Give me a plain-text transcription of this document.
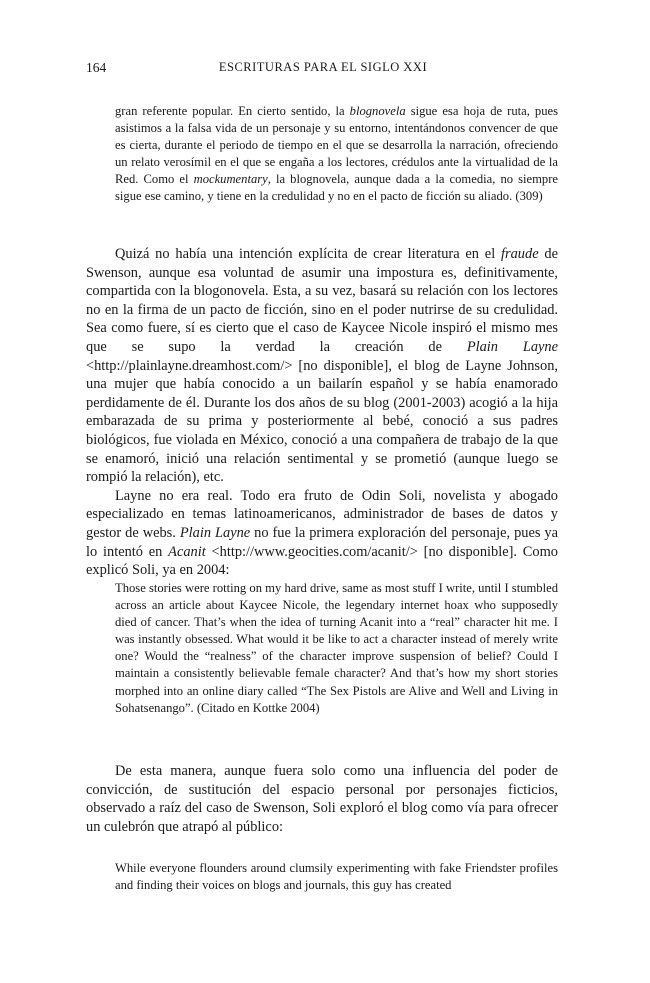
164	ESCRITURAS PARA EL SIGLO XXI

gran referente popular. En cierto sentido, la blognovela sigue esa hoja de ruta, pues asistimos a la falsa vida de un personaje y su entorno, intentándonos convencer de que es cierta, durante el periodo de tiempo en el que se desarrolla la narración, ofreciendo un relato verosímil en el que se engaña a los lectores, crédulos ante la virtualidad de la Red. Como el mockumentary, la blognovela, aunque dada a la comedia, no siempre sigue ese camino, y tiene en la credulidad y no en el pacto de ficción su aliado. (309)

Quizá no había una intención explícita de crear literatura en el fraude de Swenson, aunque esa voluntad de asumir una impostura es, definitivamente, compartida con la blogonovela. Esta, a su vez, basará su relación con los lectores no en la firma de un pacto de ficción, sino en el poder nutrirse de su credulidad. Sea como fuere, sí es cierto que el caso de Kaycee Nicole inspiró el mismo mes que se supo la verdad la creación de Plain Layne <http://plainlayne.dreamhost.com/> [no disponible], el blog de Layne Johnson, una mujer que había conocido a un bailarín español y se había enamorado perdidamente de él. Durante los dos años de su blog (2001-2003) acogió a la hija embarazada de su prima y posteriormente al bebé, conoció a sus padres biológicos, fue violada en México, conoció a una compañera de trabajo de la que se enamoró, inició una relación sentimental y se prometió (aunque luego se rompió la relación), etc.

Layne no era real. Todo era fruto de Odin Soli, novelista y abogado especializado en temas latinoamericanos, administrador de bases de datos y gestor de webs. Plain Layne no fue la primera exploración del personaje, pues ya lo intentó en Acanit <http://www.geocities.com/acanit/> [no disponible]. Como explicó Soli, ya en 2004:

Those stories were rotting on my hard drive, same as most stuff I write, until I stumbled across an article about Kaycee Nicole, the legendary internet hoax who supposedly died of cancer. That’s when the idea of turning Acanit into a “real” character hit me. I was instantly obsessed. What would it be like to act a character instead of merely write one? Would the “realness” of the character improve suspension of belief? Could I maintain a consistently believable female character? And that’s how my short stories morphed into an online diary called “The Sex Pistols are Alive and Well and Living in Sohatsenango”. (Citado en Kottke 2004)

De esta manera, aunque fuera solo como una influencia del poder de convicción, de sustitución del espacio personal por personajes ficticios, observado a raíz del caso de Swenson, Soli exploró el blog como vía para ofrecer un culebrón que atrapó al público:

While everyone flounders around clumsily experimenting with fake Friendster profiles and finding their voices on blogs and journals, this guy has created
